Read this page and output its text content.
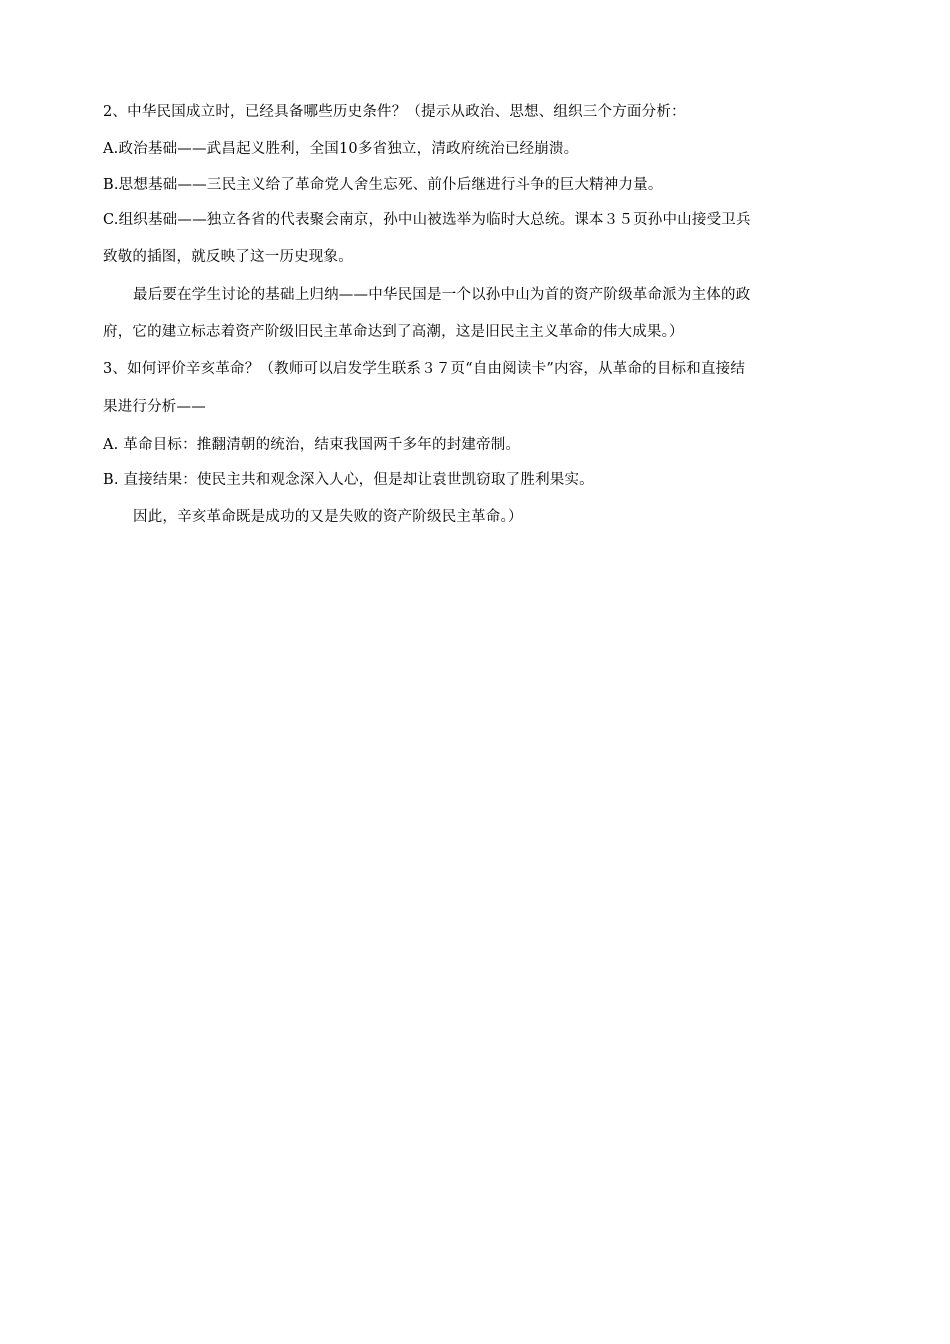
2、中华民国成立时，已经具备哪些历史条件？（提示从政治、思想、组织三个方面分析：
A.政治基础——武昌起义胜利，全国10多省独立，清政府统治已经崩溃。
B.思想基础——三民主义给了革命党人舍生忘死、前仆后继进行斗争的巨大精神力量。
C.组织基础——独立各省的代表聚会南京，孙中山被选举为临时大总统。课本３５页孙中山接受卫兵
致敬的插图，就反映了这一历史现象。
最后要在学生讨论的基础上归纳——中华民国是一个以孙中山为首的资产阶级革命派为主体的政
府，它的建立标志着资产阶级旧民主革命达到了高潮，这是旧民主主义革命的伟大成果。）
3、如何评价辛亥革命？（教师可以启发学生联系３７页“自由阅读卡”内容，从革命的目标和直接结
果进行分析——
A. 革命目标：推翻清朝的统治，结束我国两千多年的封建帝制。
B. 直接结果：使民主共和观念深入人心，但是却让袁世凯窃取了胜利果实。
因此，辛亥革命既是成功的又是失败的资产阶级民主革命。）
